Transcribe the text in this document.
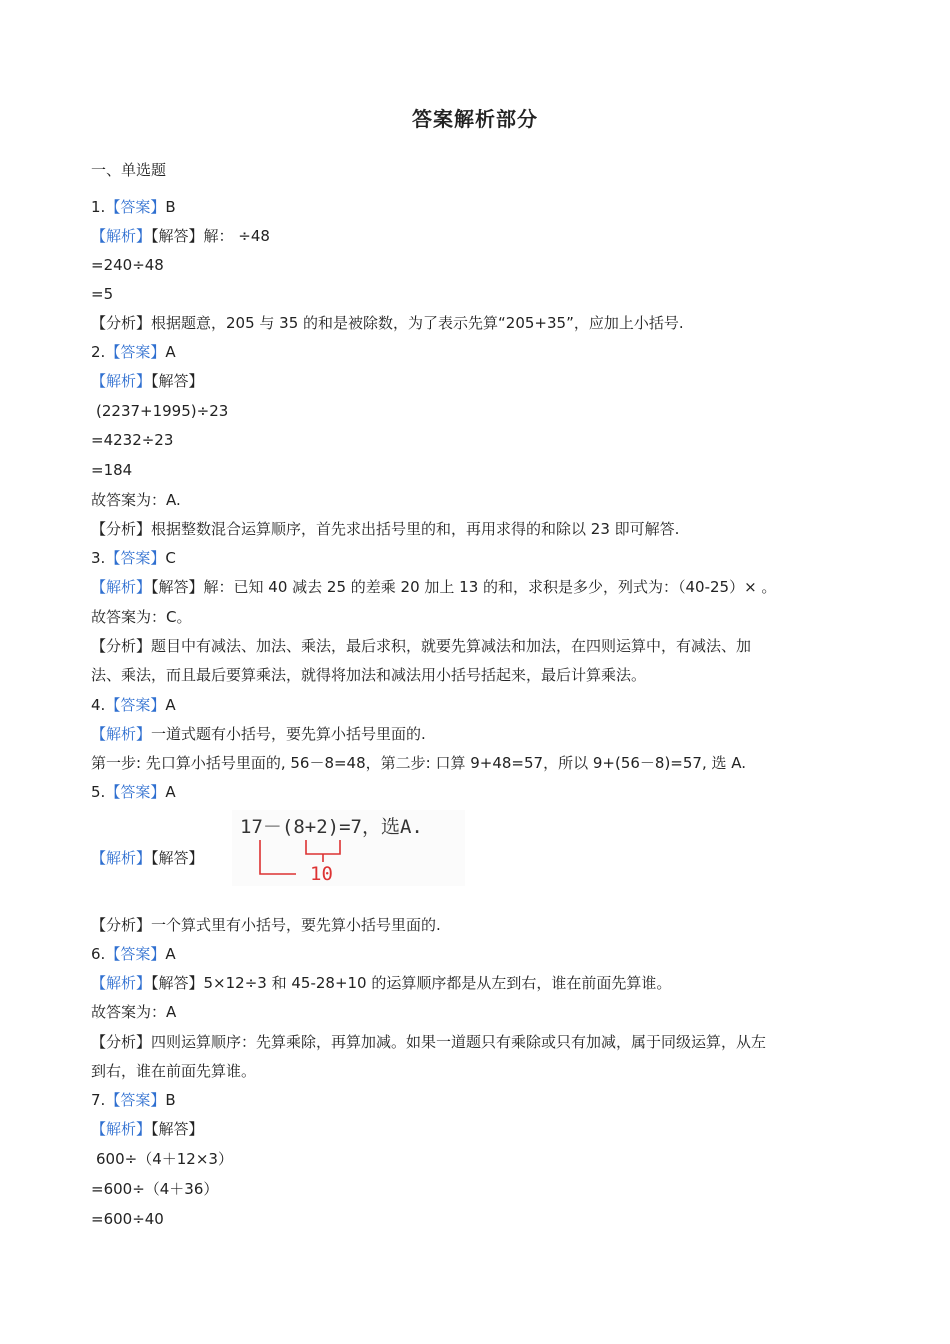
答案解析部分
一、单选题
1.【答案】B
【解析】【解答】解： ÷48
=240÷48
=5
【分析】根据题意，205 与 35 的和是被除数，为了表示先算“205+35”，应加上小括号.
2.【答案】A
【解析】【解答】
(2237+1995)÷23
=4232÷23
=184
故答案为：A.
【分析】根据整数混合运算顺序，首先求出括号里的和，再用求得的和除以 23 即可解答.
3.【答案】C
【解析】【解答】解：已知 40 减去 25 的差乘 20 加上 13 的和，求积是多少，列式为：（40-25）× 。
故答案为：C。
【分析】题目中有减法、加法、乘法，最后求积，就要先算减法和加法，在四则运算中，有减法、加
法、乘法，而且最后要算乘法，就得将加法和减法用小括号括起来，最后计算乘法。
4.【答案】A
【解析】一道式题有小括号，要先算小括号里面的.
第一步: 先口算小括号里面的, 56－8=48，第二步: 口算 9+48=57，所以 9+(56－8)=57, 选 A.
5.【答案】A
【解析】【解答】
17－(8+2)=7，选A.
10
【分析】一个算式里有小括号，要先算小括号里面的.
6.【答案】A
【解析】【解答】5×12÷3 和 45-28+10 的运算顺序都是从左到右，谁在前面先算谁。
故答案为：A
【分析】四则运算顺序：先算乘除，再算加减。如果一道题只有乘除或只有加减，属于同级运算，从左
到右，谁在前面先算谁。
7.【答案】B
【解析】【解答】
600÷（4＋12×3）
=600÷（4＋36）
=600÷40
